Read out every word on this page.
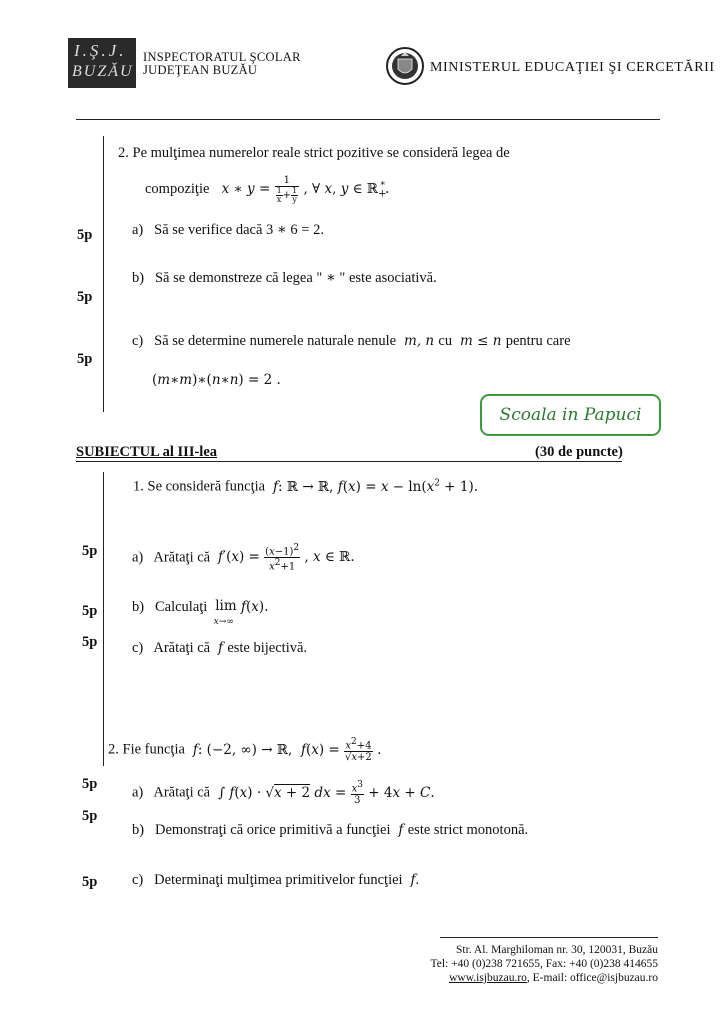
I.Ş.J.
BUZĂU
INSPECTORATUL ŞCOLAR
JUDEŢEAN BUZĂU	MINISTERUL EDUCAŢIEI ŞI CERCETĂRII
2. Pe mulţimea numerelor reale strict pozitive se consideră legea de
compoziţie x ∗ $y = \frac{1}{\frac{1}{x} + \frac{1}{y}}$ , ∀ x, y ∈ ℝ$_+$*.
5p	a) Să se verifice dacă 3 ∗ 6 = 2.
b) Să se demonstreze că legea " ∗ " este asociativă.
5p
5p
c) Să se determine numerele naturale nenule  m, n cu  m ≤ n pentru care
(m∗m)∗(n∗n) = 2 .
Scoala in Papuci
SUBIECTUL al III-lea	(30 de puncte)
1. Se consideră funcţia f: ℝ → ℝ, $f(x) = x - \ln(x^2 + 1)$.
5p a) Arătaţi că $f'(x) = \frac{(x-1)2}{x2+1}$ , x ∈ ℝ.
5p b) Calculaţi  lim
x→∞ f(x).
5p c) Arătaţi că  f este bijectivă.
2. Fie funcţia f: (−2, ∞) → ℝ,  $f(x) = \frac{x2+4}{√x+2}$ .
5p
a) Arătaţi că  ∫ f(x) · √x + 2 dx = $\frac{x3}{3} + 4x + C$.
5p
b) Demonstraţi că orice primitivă a funcţiei  f este strict monotonă.
5p c) Determinaţi mulţimea primitivelor funcţiei  f.
Str. Al. Marghiloman nr. 30, 120031, Buzău
Tel: +40 (0)238 721655, Fax: +40 (0)238 414655
www.isjbuzau.ro, E-mail: office@isjbuzau.ro
